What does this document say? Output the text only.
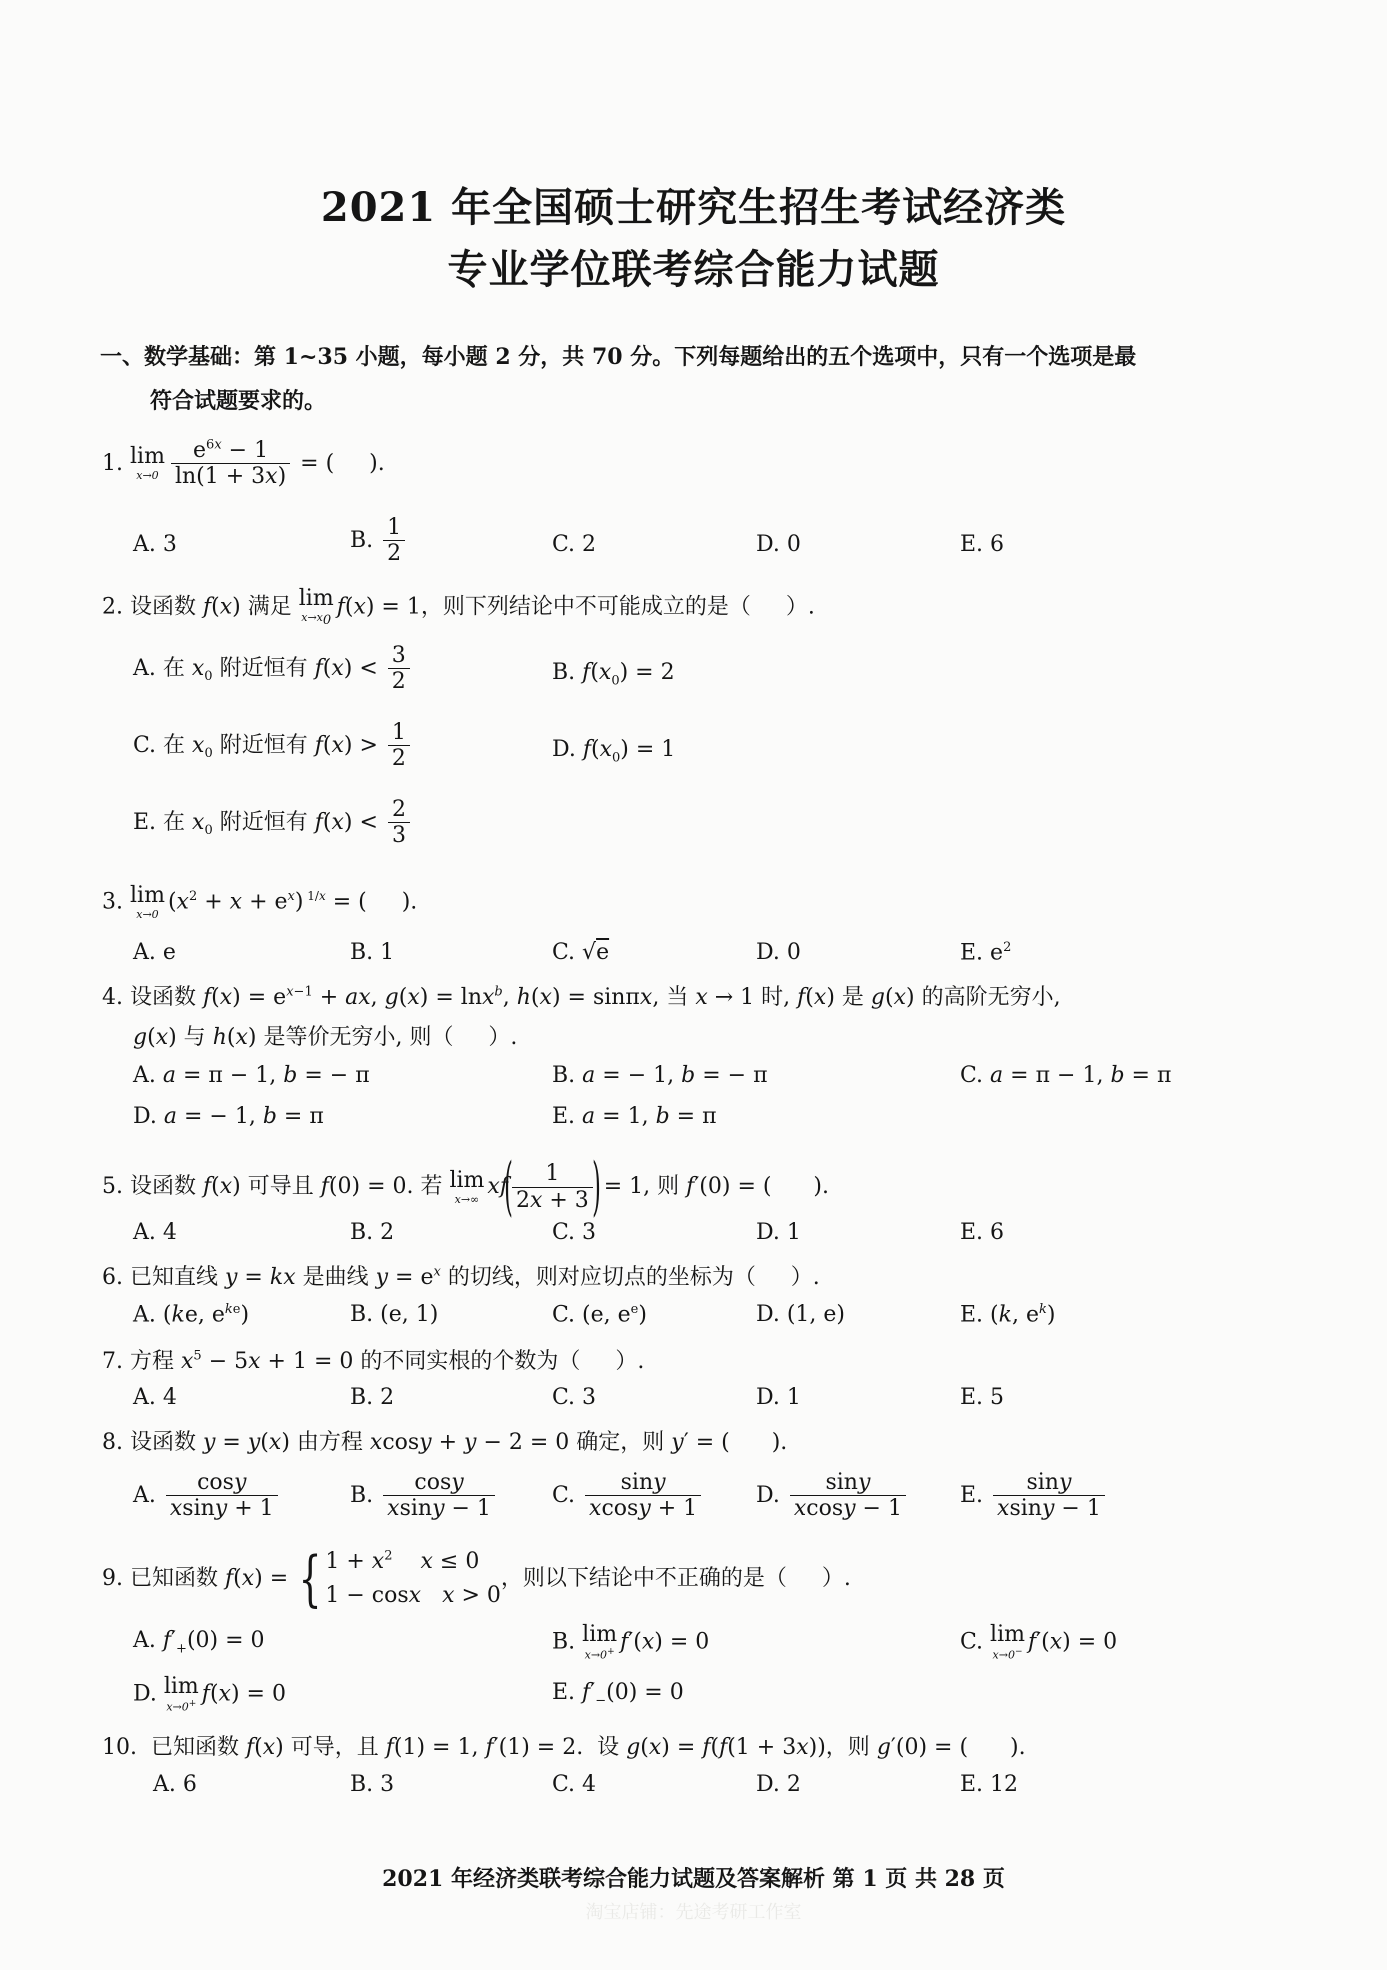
2021 年全国硕士研究生招生考试经济类
专业学位联考综合能力试题
一、数学基础：第 1~35 小题，每小题 2 分，共 70 分。下列每题给出的五个选项中，只有一个选项是最
符合试题要求的。
1. lim
$x\to 0 \frac{e^{6x} - 1}{\ln(1 + 3x)}$ = (     ).
A. 3	B. $\frac{1}{2}$	C. 2	D. 0	E. 6
2. 设函数 f(x) 满足 lim
$x\to x_0$
f(x) = 1，则下列结论中不可能成立的是（     ）.
A. 在 $x_0$ 附近恒有 $f(x) < \frac{3}{2}$	B. $f(x_0) = 2$
C. 在 $x_0$ 附近恒有 $f(x) > \frac{1}{2}$	D. $f(x_0) = 1$
E. 在 $x_0$ 附近恒有 $f(x) < \frac{2}{3}$
3. lim
x→0 $(x^2 + x + e^x) ^{1/x}$ = (     ).
A. e	B. 1	C. √e	D. 0	E. $e^2$
4. 设函数 $f(x) = e^{x-1}$ + ax, g(x) = lnx$^b$, h(x) = sinπx, 当 x → 1 时, f(x) 是 g(x) 的高阶无穷小,
g(x) 与 h(x) 是等价无穷小, 则（     ）.
A. a = π − 1, b = − π	B. a = − 1, b = − π	C. a = π − 1, b = π
D. a = − 1, b = π	E. a = 1, b = π
5. 设函数 f(x) 可导且 f(0) = 0. 若 lim
x→∞ $xf( \frac{1}{2x + 3}$ ) = 1, 则 f′(0) = (      ).
A. 4	B. 2	C. 3	D. 1	E. 6
6. 已知直线 y = kx 是曲线 $y = e^x$ 的切线，则对应切点的坐标为（     ）.
A. (ke, $e^{ke}$)	B. (e, 1)	C. (e, $e^e$)	D. (1, e)	E. (k, $e^k$)
7. 方程 $x^5 - 5x + 1 = 0$ 的不同实根的个数为（     ）.
A. 4	B. 2	C. 3	D. 1	E. 5
8. 设函数 y = y(x) 由方程 xcosy + y − 2 = 0 确定，则 y′ = (      ).
A. $\frac{\cos y}{xsiny + 1}$	B. $\frac{\cos y}{xsiny - 1}$	C. $\frac{\sin y}{xcosy + 1} D$. $\frac{\sin y}{xcosy - 1} E$. $\frac{\sin y}{xsiny - 1}$
9. 已知函数 f(x) = { $1 + x^2$ x ≤ 0
1 − cosx x > 0，则以下结论中不正确的是（     ）.
A. $f'_+(0) = 0$	B. lim
x→0+ f′(x) = 0	C. lim
x→0− f′(x) = 0
D. lim
x→0+ f(x) = 0	E. $f'_-(0) = 0$
10.  已知函数 f(x) 可导，且 f(1) = 1, f′(1) = 2.  设 g(x) = f(f(1 + 3x))，则 g′(0) = (      ).
A. 6	B. 3	C. 4	D. 2	E. 12
2021 年经济类联考综合能力试题及答案解析 第 1 页 共 28 页
淘宝店铺：先途考研工作室
